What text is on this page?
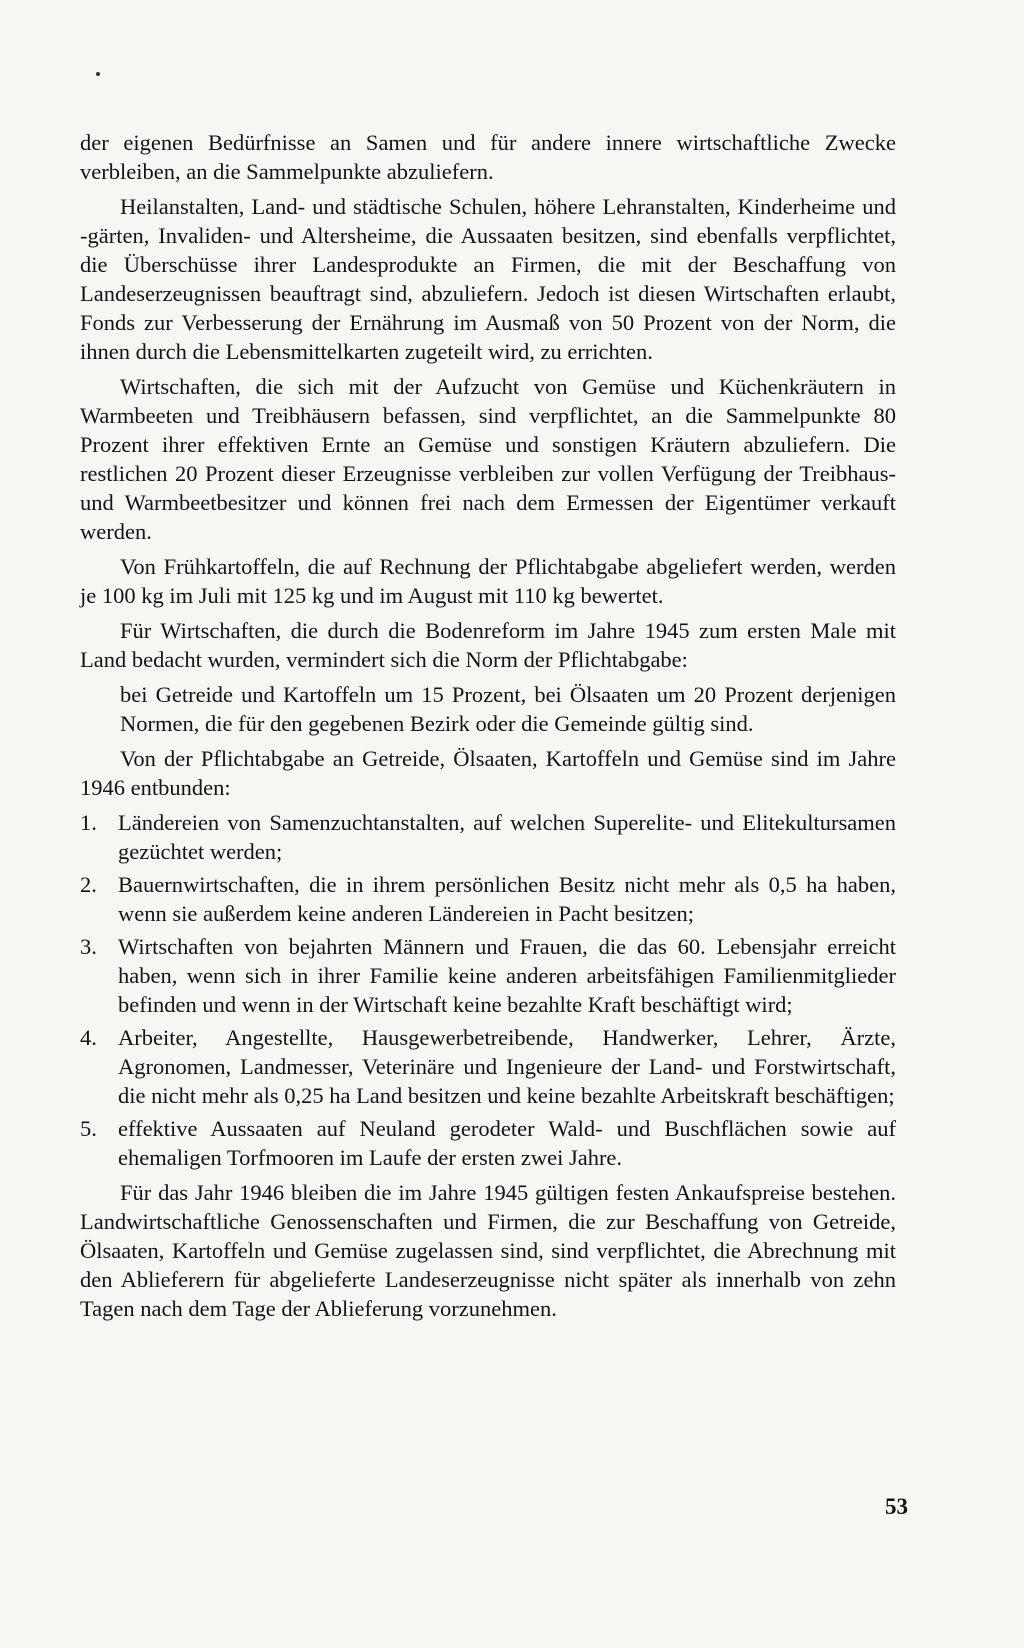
der eigenen Bedürfnisse an Samen und für andere innere wirtschaftliche Zwecke verbleiben, an die Sammelpunkte abzuliefern.

Heilanstalten, Land- und städtische Schulen, höhere Lehranstalten, Kinderheime und -gärten, Invaliden- und Altersheime, die Aussaaten besitzen, sind ebenfalls verpflichtet, die Überschüsse ihrer Landesprodukte an Firmen, die mit der Beschaffung von Landeserzeugnissen beauftragt sind, abzuliefern. Jedoch ist diesen Wirtschaften erlaubt, Fonds zur Verbesserung der Ernährung im Ausmaß von 50 Prozent von der Norm, die ihnen durch die Lebensmittelkarten zugeteilt wird, zu errichten.

Wirtschaften, die sich mit der Aufzucht von Gemüse und Küchenkräutern in Warmbeeten und Treibhäusern befassen, sind verpflichtet, an die Sammelpunkte 80 Prozent ihrer effektiven Ernte an Gemüse und sonstigen Kräutern abzuliefern. Die restlichen 20 Prozent dieser Erzeugnisse verbleiben zur vollen Verfügung der Treibhaus- und Warmbeetbesitzer und können frei nach dem Ermessen der Eigentümer verkauft werden.

Von Frühkartoffeln, die auf Rechnung der Pflichtabgabe abgeliefert werden, werden je 100 kg im Juli mit 125 kg und im August mit 110 kg bewertet.

Für Wirtschaften, die durch die Bodenreform im Jahre 1945 zum ersten Male mit Land bedacht wurden, vermindert sich die Norm der Pflichtabgabe:

bei Getreide und Kartoffeln um 15 Prozent, bei Ölsaaten um 20 Prozent derjenigen Normen, die für den gegebenen Bezirk oder die Gemeinde gültig sind.

Von der Pflichtabgabe an Getreide, Ölsaaten, Kartoffeln und Gemüse sind im Jahre 1946 entbunden:

1. Ländereien von Samenzuchtanstalten, auf welchen Superelite- und Elitekultursamen gezüchtet werden;
2. Bauernwirtschaften, die in ihrem persönlichen Besitz nicht mehr als 0,5 ha haben, wenn sie außerdem keine anderen Ländereien in Pacht besitzen;
3. Wirtschaften von bejahrten Männern und Frauen, die das 60. Lebensjahr erreicht haben, wenn sich in ihrer Familie keine anderen arbeitsfähigen Familienmitglieder befinden und wenn in der Wirtschaft keine bezahlte Kraft beschäftigt wird;
4. Arbeiter, Angestellte, Hausgewerbetreibende, Handwerker, Lehrer, Ärzte, Agronomen, Landmesser, Veterinäre und Ingenieure der Land- und Forstwirtschaft, die nicht mehr als 0,25 ha Land besitzen und keine bezahlte Arbeitskraft beschäftigen;
5. effektive Aussaaten auf Neuland gerodeter Wald- und Buschflächen sowie auf ehemaligen Torfmooren im Laufe der ersten zwei Jahre.

Für das Jahr 1946 bleiben die im Jahre 1945 gültigen festen Ankaufspreise bestehen. Landwirtschaftliche Genossenschaften und Firmen, die zur Beschaffung von Getreide, Ölsaaten, Kartoffeln und Gemüse zugelassen sind, sind verpflichtet, die Abrechnung mit den Ablieferern für abgelieferte Landeserzeugnisse nicht später als innerhalb von zehn Tagen nach dem Tage der Ablieferung vorzunehmen.

53
